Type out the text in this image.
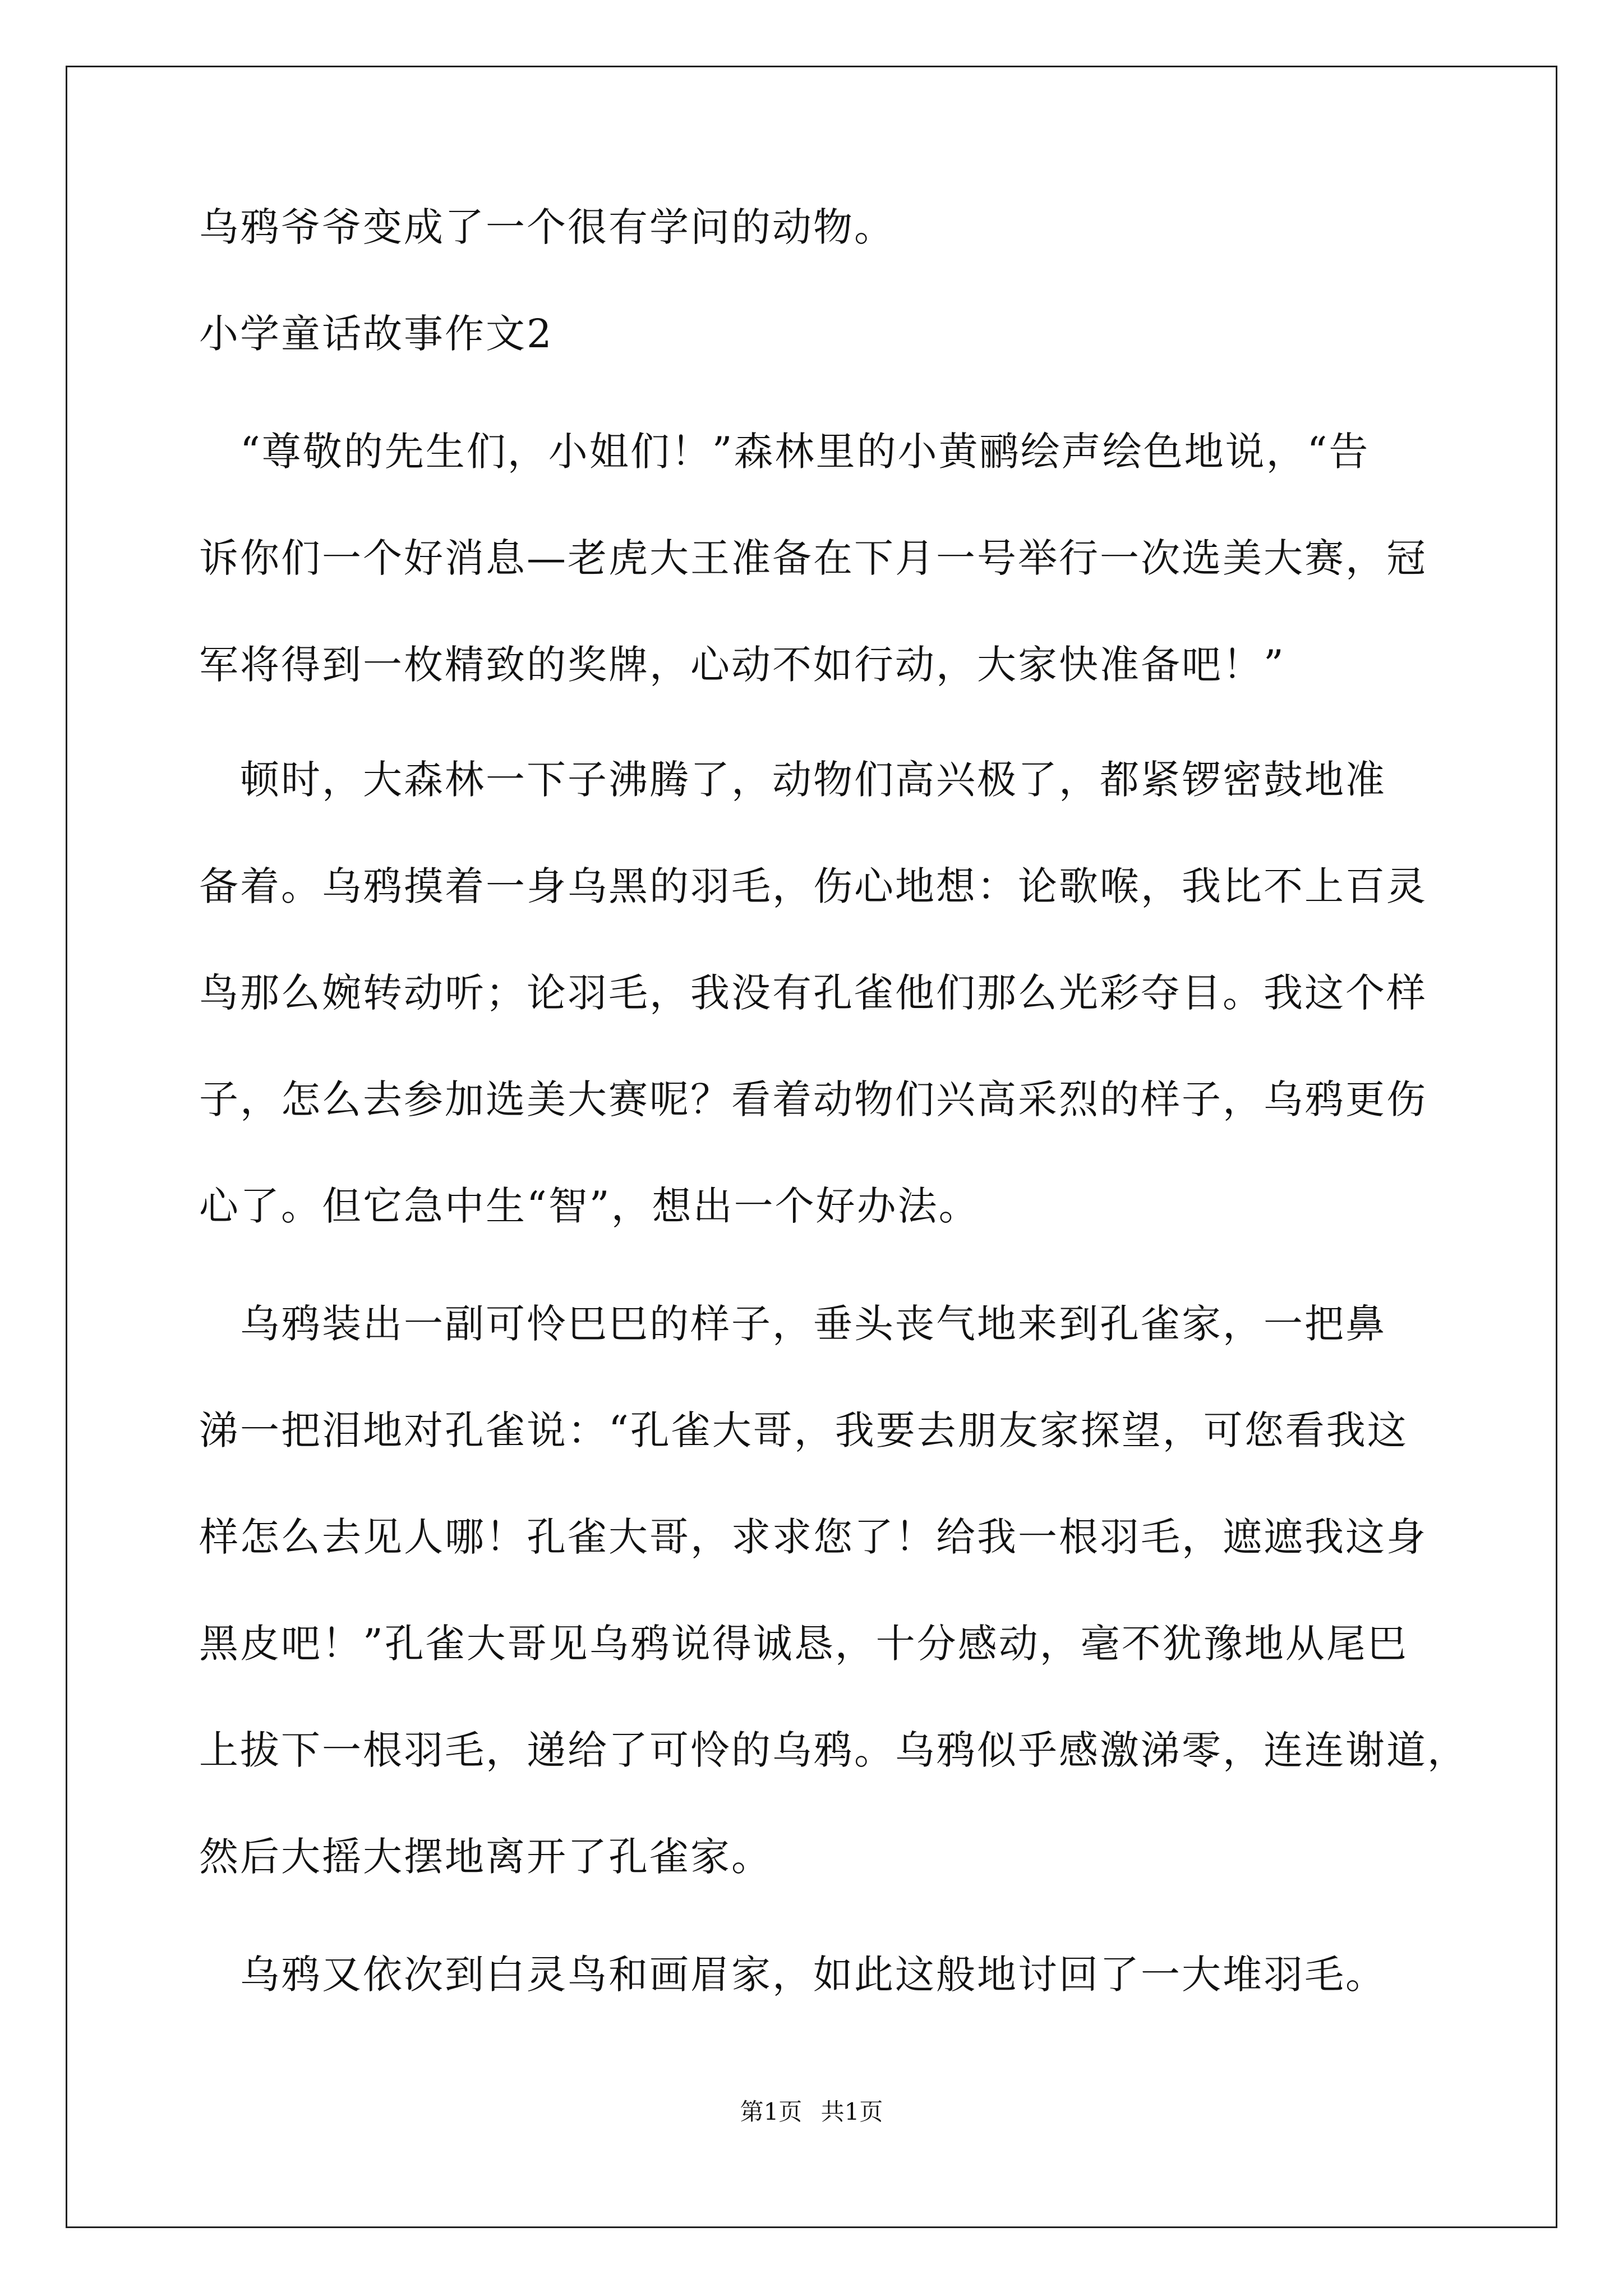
乌鸦爷爷变成了一个很有学问的动物。
小学童话故事作文2
　“尊敬的先生们，小姐们！”森林里的小黄鹂绘声绘色地说，“告
诉你们一个好消息—老虎大王准备在下月一号举行一次选美大赛，冠
军将得到一枚精致的奖牌，心动不如行动，大家快准备吧！”
　顿时，大森林一下子沸腾了，动物们高兴极了，都紧锣密鼓地准
备着。乌鸦摸着一身乌黑的羽毛，伤心地想：论歌喉，我比不上百灵
鸟那么婉转动听；论羽毛，我没有孔雀他们那么光彩夺目。我这个样
子，怎么去参加选美大赛呢？看着动物们兴高采烈的样子，乌鸦更伤
心了。但它急中生“智”，想出一个好办法。
　乌鸦装出一副可怜巴巴的样子，垂头丧气地来到孔雀家，一把鼻
涕一把泪地对孔雀说：“孔雀大哥，我要去朋友家探望，可您看我这
样怎么去见人哪！孔雀大哥，求求您了！给我一根羽毛，遮遮我这身
黑皮吧！”孔雀大哥见乌鸦说得诚恳，十分感动，毫不犹豫地从尾巴
上拔下一根羽毛，递给了可怜的乌鸦。乌鸦似乎感激涕零，连连谢道，
然后大摇大摆地离开了孔雀家。
　乌鸦又依次到白灵鸟和画眉家，如此这般地讨回了一大堆羽毛。
第1页 共1页
